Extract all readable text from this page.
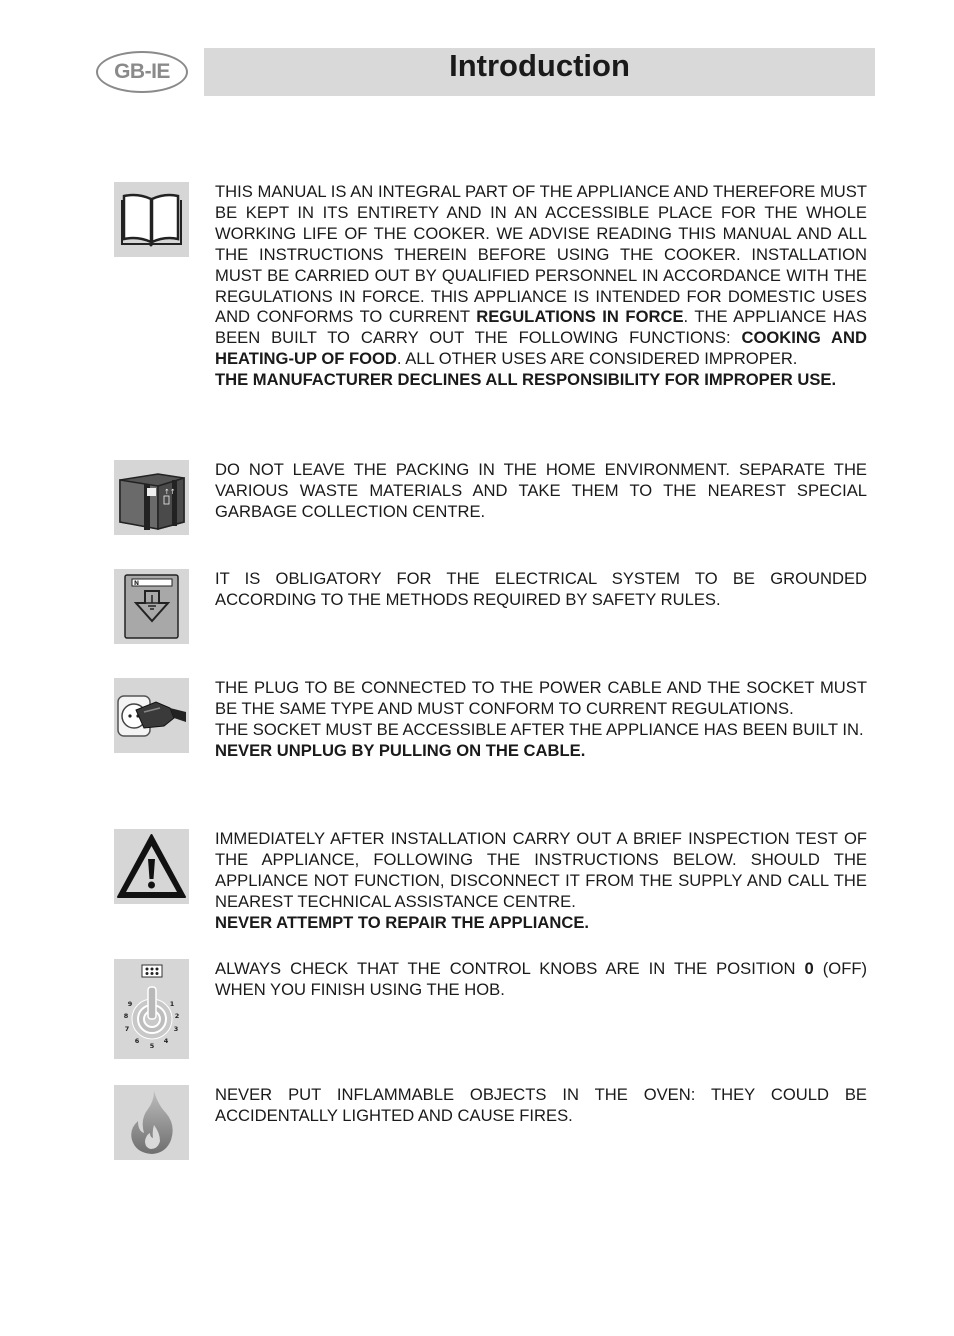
GB-IE	Introduction

THIS MANUAL IS AN INTEGRAL PART OF THE APPLIANCE AND THEREFORE MUST BE KEPT IN ITS ENTIRETY AND IN AN ACCESSIBLE PLACE FOR THE WHOLE WORKING LIFE OF THE COOKER. WE ADVISE READING THIS MANUAL AND ALL THE INSTRUCTIONS THEREIN BEFORE USING THE COOKER. INSTALLATION MUST BE CARRIED OUT BY QUALIFIED PERSONNEL IN ACCORDANCE WITH THE REGULATIONS IN FORCE. THIS APPLIANCE IS INTENDED FOR DOMESTIC USES AND CONFORMS TO CURRENT REGULATIONS IN FORCE. THE APPLIANCE HAS BEEN BUILT TO CARRY OUT THE FOLLOWING FUNCTIONS: COOKING AND HEATING-UP OF FOOD. ALL OTHER USES ARE CONSIDERED IMPROPER.

THE MANUFACTURER DECLINES ALL RESPONSIBILITY FOR IMPROPER USE.

↑↑

DO NOT LEAVE THE PACKING IN THE HOME ENVIRONMENT. SEPARATE THE VARIOUS WASTE MATERIALS AND TAKE THEM TO THE NEAREST SPECIAL GARBAGE COLLECTION CENTRE.

N	IT IS OBLIGATORY FOR THE ELECTRICAL SYSTEM TO BE GROUNDED ACCORDING TO THE METHODS REQUIRED BY SAFETY RULES.

THE PLUG TO BE CONNECTED TO THE POWER CABLE AND THE SOCKET MUST BE THE SAME TYPE AND MUST CONFORM TO CURRENT REGULATIONS.

THE SOCKET MUST BE ACCESSIBLE AFTER THE APPLIANCE HAS BEEN BUILT IN.

NEVER UNPLUG BY PULLING ON THE CABLE.

IMMEDIATELY AFTER INSTALLATION CARRY OUT A BRIEF INSPECTION TEST OF THE APPLIANCE, FOLLOWING THE INSTRUCTIONS BELOW. SHOULD THE APPLIANCE NOT FUNCTION, DISCONNECT IT FROM THE SUPPLY AND CALL THE NEAREST TECHNICAL ASSISTANCE CENTRE.

NEVER ATTEMPT TO REPAIR THE APPLIANCE.

9	1
8	2
7	3
6	4
5

ALWAYS CHECK THAT THE CONTROL KNOBS ARE IN THE POSITION 0 (OFF) WHEN YOU FINISH USING THE HOB.

NEVER PUT INFLAMMABLE OBJECTS IN THE OVEN: THEY COULD BE ACCIDENTALLY LIGHTED AND CAUSE FIRES.
